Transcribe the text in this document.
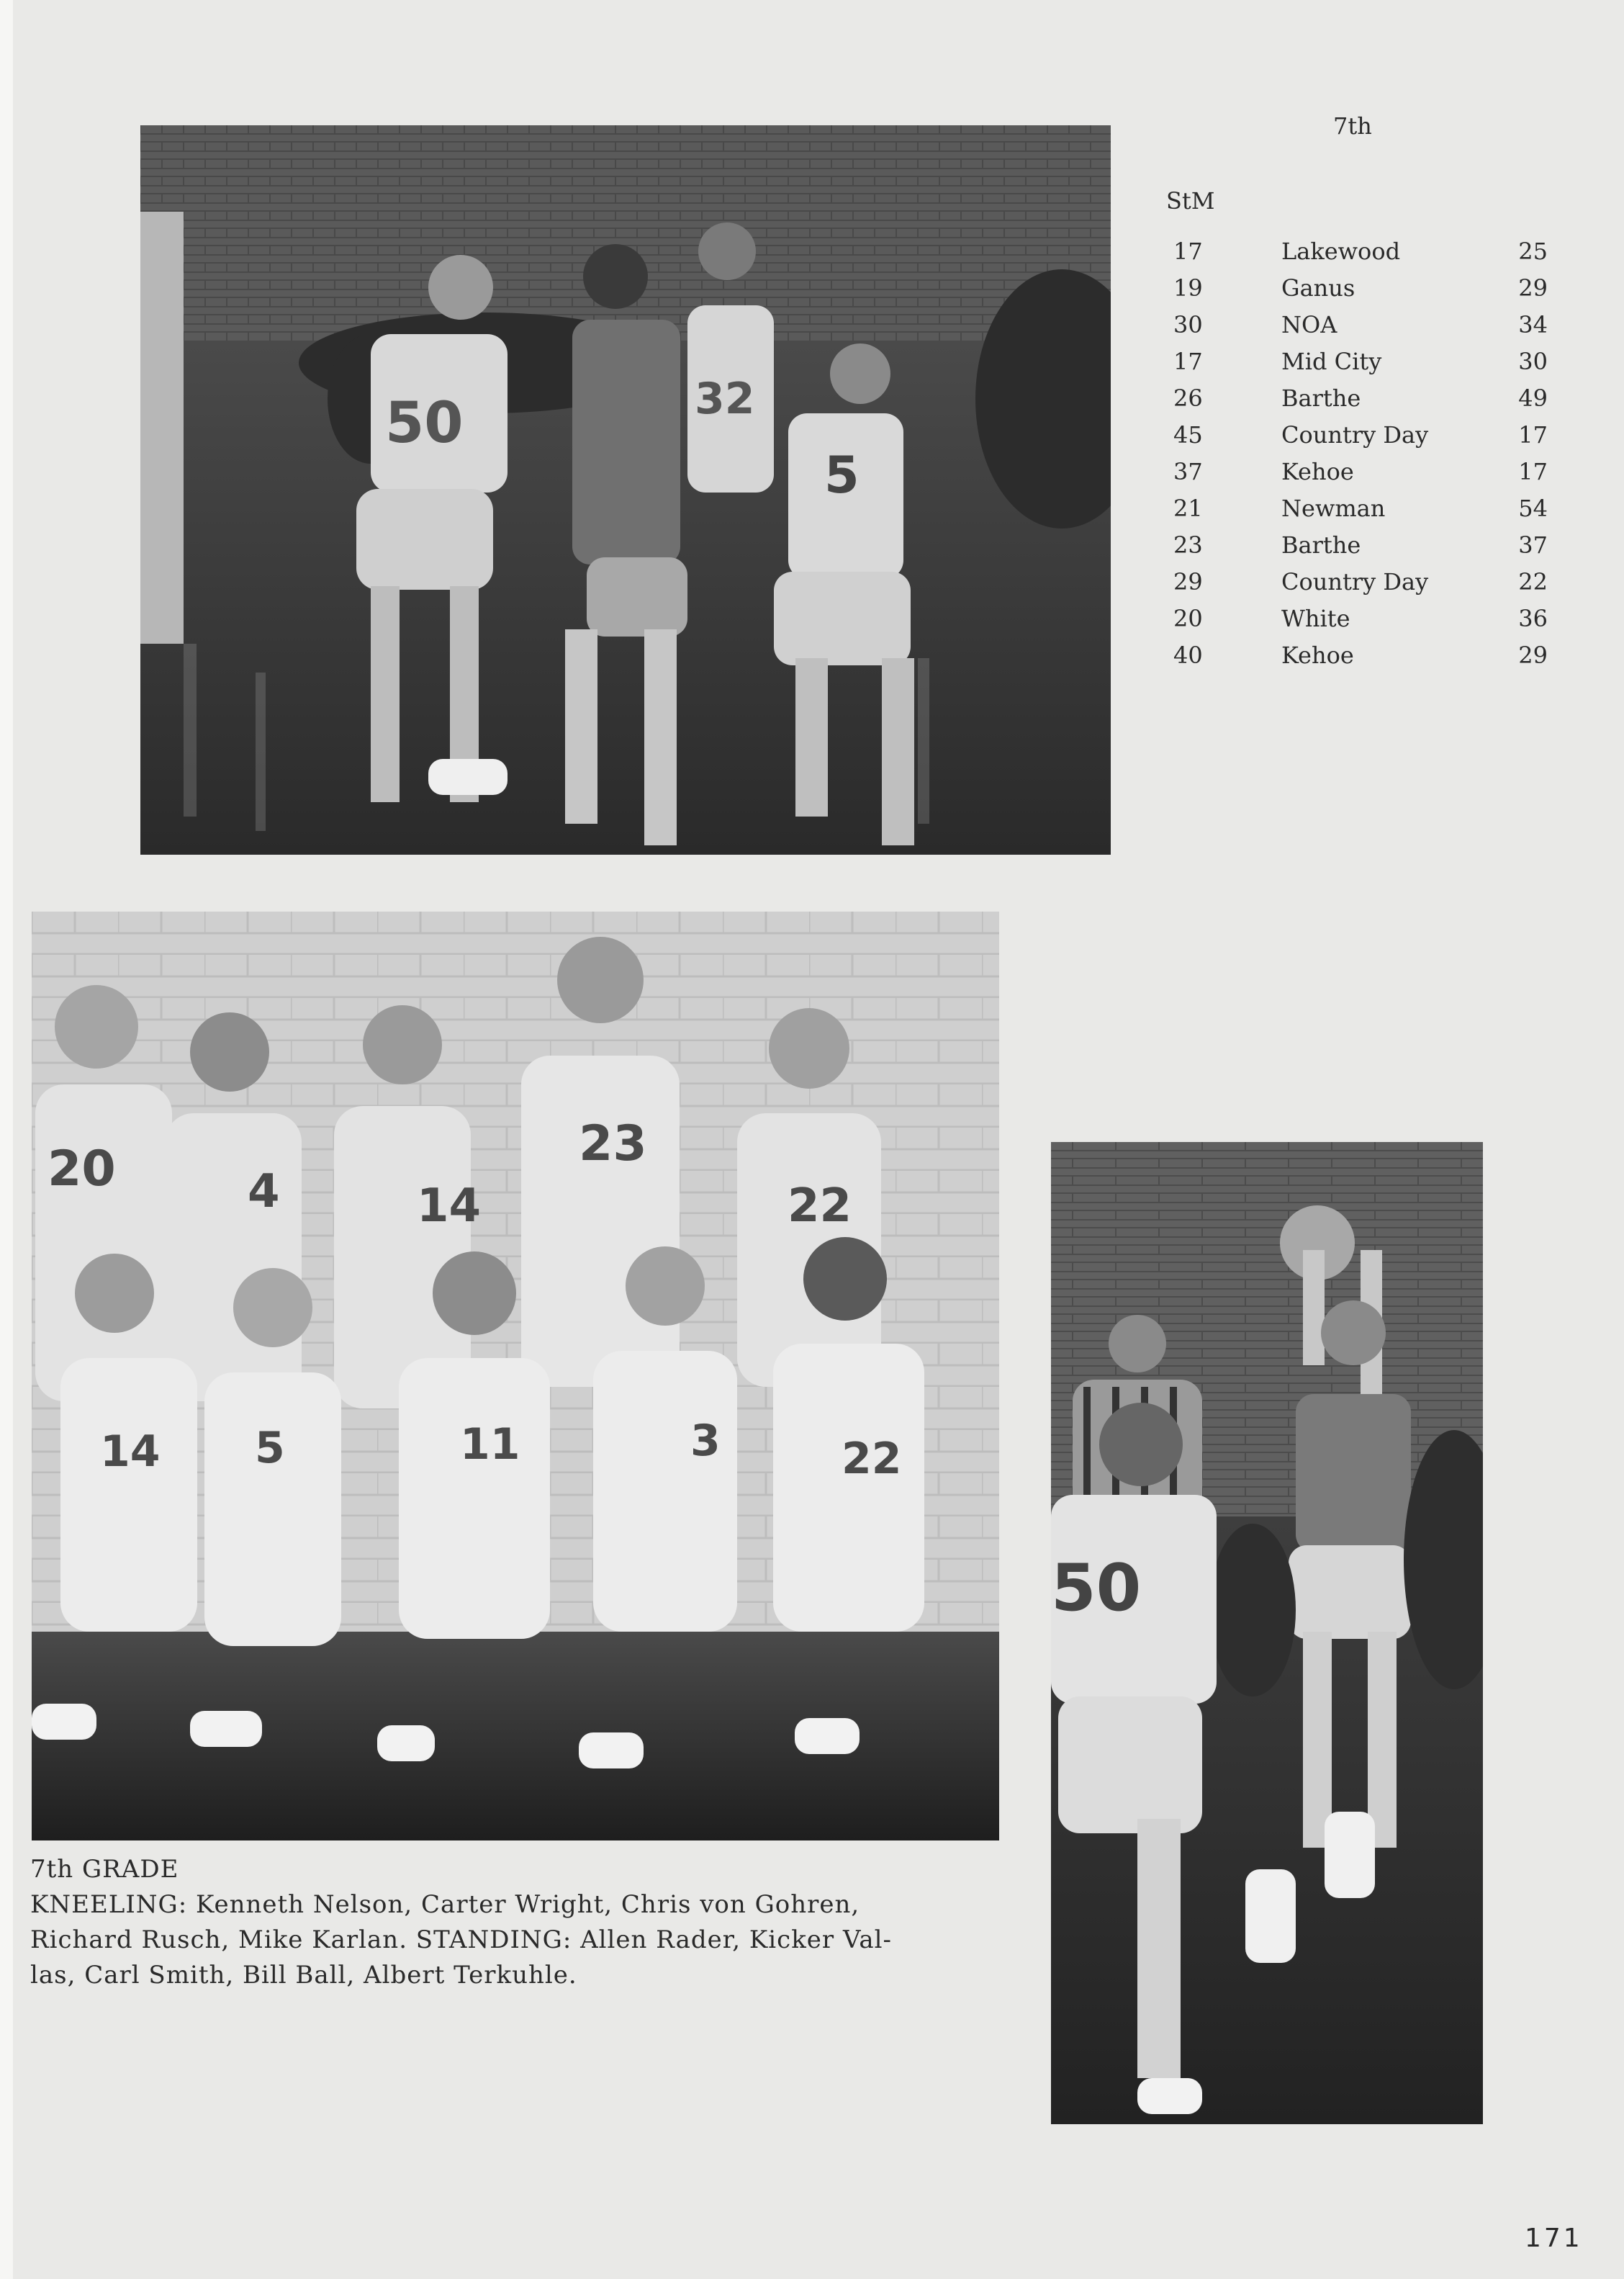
50	32
5
7th
StM
17	Lakewood	25
19	Ganus	29
30	NOA	34
17	Mid City	30
26	Barthe	49
45	Country Day	17
37	Kehoe	17
21	Newman	54
23	Barthe	37
29	Country Day	22
20	White	36
40	Kehoe	29
20	4	14
23
22
14 5	11	3	22
50
7th GRADE
KNEELING: Kenneth Nelson, Carter Wright, Chris von Gohren,
Richard Rusch, Mike Karlan. STANDING: Allen Rader, Kicker Val-
las, Carl Smith, Bill Ball, Albert Terkuhle.
171
